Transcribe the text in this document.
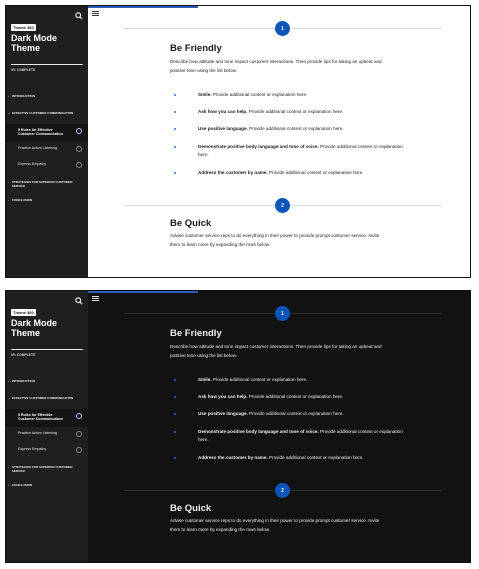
Theme 360
Dark Mode Theme
0% COMPLETE
› INTRODUCTION
⌄ EFFECTIVE CUSTOMER COMMUNICATION
5 Rules for Effective Customer Communication
Practice Active Listening
Express Empathy
› STRATEGIES FOR SUPERIOR CUSTOMER SERVICE
› CONCLUSION
1
Be Friendly
Describe how attitude and tone impact customer interactions. Then provide tips for taking an upbeat and positive tone using the list below.
Smile. Provide additional context or explanation here.
Ask how you can help. Provide additional context or explanation here.
Use positive language. Provide additional context or explanation here.
Demonstrate positive body language and tone of voice. Provide additional context or explanation here.
Address the customer by name. Provide additional context or explanation here.
2
Be Quick
Advise customer service reps to do everything in their power to provide prompt customer service. Invite them to learn more by expanding the rows below.
Theme 360
Dark Mode Theme
0% COMPLETE
› INTRODUCTION
⌄ EFFECTIVE CUSTOMER COMMUNICATION
5 Rules for Effective Customer Communication
Practice Active Listening
Express Empathy
› STRATEGIES FOR SUPERIOR CUSTOMER SERVICE
› CONCLUSION
1
Be Friendly
Describe how attitude and tone impact customer interactions. Then provide tips for taking an upbeat and positive tone using the list below.
Smile. Provide additional context or explanation here.
Ask how you can help. Provide additional context or explanation here.
Use positive language. Provide additional context or explanation here.
Demonstrate positive body language and tone of voice. Provide additional context or explanation here.
Address the customer by name. Provide additional context or explanation here.
2
Be Quick
Advise customer service reps to do everything in their power to provide prompt customer service. Invite them to learn more by expanding the rows below.
